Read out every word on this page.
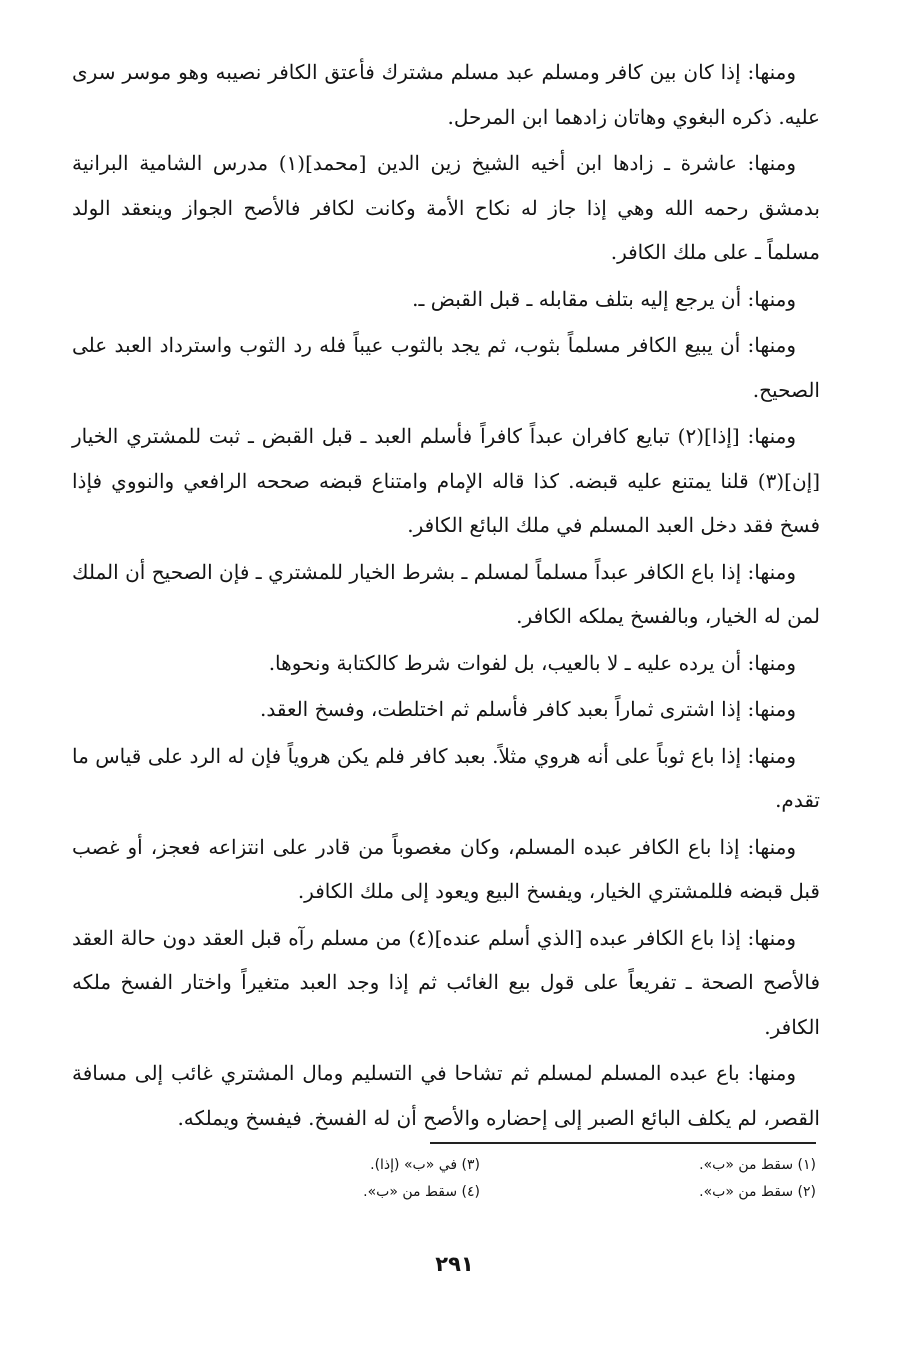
ومنها: إذا كان بين كافر ومسلم عبد مسلم مشترك فأعتق الكافر نصيبه وهو موسر سرى عليه. ذكره البغوي وهاتان زادهما ابن المرحل.

ومنها: عاشرة ـ زادها ابن أخيه الشيخ زين الدين [محمد](١) مدرس الشامية البرانية بدمشق رحمه الله وهي إذا جاز له نكاح الأمة وكانت لكافر فالأصح الجواز وينعقد الولد مسلماً ـ على ملك الكافر.

ومنها: أن يرجع إليه بتلف مقابله ـ قبل القبض ـ.

ومنها: أن يبيع الكافر مسلماً بثوب، ثم يجد بالثوب عيباً فله رد الثوب واسترداد العبد على الصحيح.

ومنها: [إذا](٢) تبايع كافران عبداً كافراً فأسلم العبد ـ قبل القبض ـ ثبت للمشتري الخيار [إن](٣) قلنا يمتنع عليه قبضه. كذا قاله الإمام وامتناع قبضه صححه الرافعي والنووي فإذا فسخ فقد دخل العبد المسلم في ملك البائع الكافر.

ومنها: إذا باع الكافر عبداً مسلماً لمسلم ـ بشرط الخيار للمشتري ـ فإن الصحيح أن الملك لمن له الخيار، وبالفسخ يملكه الكافر.

ومنها: أن يرده عليه ـ لا بالعيب، بل لفوات شرط كالكتابة ونحوها.

ومنها: إذا اشترى ثماراً بعبد كافر فأسلم ثم اختلطت، وفسخ العقد.

ومنها: إذا باع ثوباً على أنه هروي مثلاً. بعبد كافر فلم يكن هروياً فإن له الرد على قياس ما تقدم.

ومنها: إذا باع الكافر عبده المسلم، وكان مغصوباً من قادر على انتزاعه فعجز، أو غصب قبل قبضه فللمشتري الخيار، ويفسخ البيع ويعود إلى ملك الكافر.

ومنها: إذا باع الكافر عبده [الذي أسلم عنده](٤) من مسلم رآه قبل العقد دون حالة العقد فالأصح الصحة ـ تفريعاً على قول بيع الغائب ثم إذا وجد العبد متغيراً واختار الفسخ ملكه الكافر.

ومنها: باع عبده المسلم لمسلم ثم تشاحا في التسليم ومال المشتري غائب إلى مسافة القصر، لم يكلف البائع الصبر إلى إحضاره والأصح أن له الفسخ. فيفسخ ويملكه.

(١) سقط من «ب».
(٣) في «ب» (إذا).
(٢) سقط من «ب».
(٤) سقط من «ب».
٢٩١
